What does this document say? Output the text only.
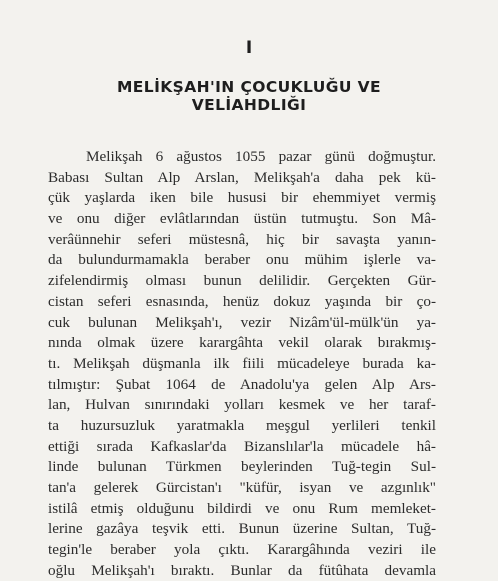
I
MELİKŞAH'IN ÇOCUKLUĞU VE
VELİAHDLIĞI
Melikşah 6 ağustos 1055 pazar günü doğmuştur.
Babası Sultan Alp Arslan, Melikşah'a daha pek kü-
çük yaşlarda iken bile hususi bir ehemmiyet vermiş
ve onu diğer evlâtlarından üstün tutmuştu. Son Mâ-
verâünnehir seferi müstesnâ, hiç bir savaşta yanın-
da bulundurmamakla beraber onu mühim işlerle va-
zifelendirmiş olması bunun delilidir. Gerçekten Gür-
cistan seferi esnasında, henüz dokuz yaşında bir ço-
cuk bulunan Melikşah'ı, vezir Nizâm'ül-mülk'ün ya-
nında olmak üzere karargâhta vekil olarak bırakmış-
tı. Melikşah düşmanla ilk fiili mücadeleye burada ka-
tılmıştır: Şubat 1064 de Anadolu'ya gelen Alp Ars-
lan, Hulvan sınırındaki yolları kesmek ve her taraf-
ta huzursuzluk yaratmakla meşgul yerlileri tenkil
ettiği sırada Kafkaslar'da Bizanslılar'la mücadele hâ-
linde bulunan Türkmen beylerinden Tuğ-tegin Sul-
tan'a gelerek Gürcistan'ı "küfür, isyan ve azgınlık"
istilâ etmiş olduğunu bildirdi ve onu Rum memleket-
lerine gazâya teşvik etti. Bunun üzerine Sultan, Tuğ-
tegin'le beraber yola çıktı. Karargâhında veziri ile
oğlu Melikşah'ı bıraktı. Bunlar da fütûhata devamla
